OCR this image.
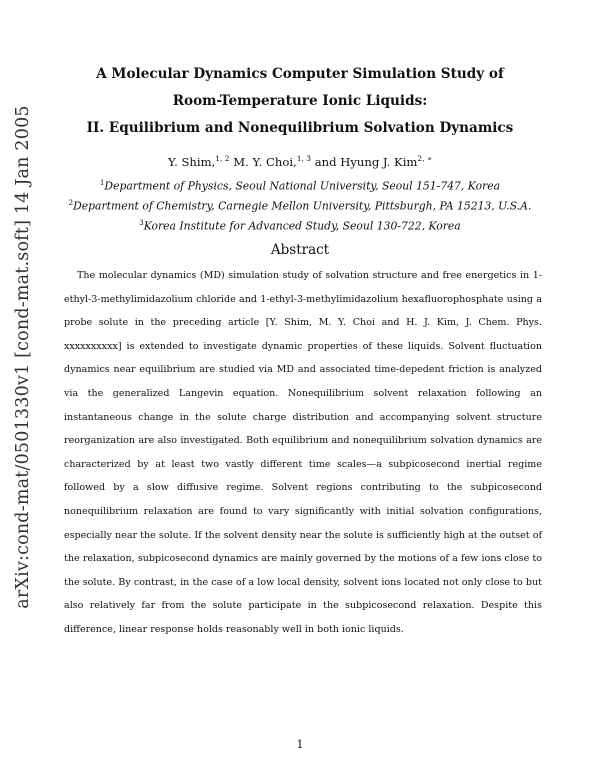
arXiv:cond-mat/0501330v1 [cond-mat.soft] 14 Jan 2005
A Molecular Dynamics Computer Simulation Study of
Room-Temperature Ionic Liquids:
II. Equilibrium and Nonequilibrium Solvation Dynamics
Y. Shim,$^{1, 2}$ M. Y. Choi,$^{1, 3}$ and Hyung J. Kim$^{2, ∗}$
$^1$Department of Physics, Seoul National University, Seoul 151-747, Korea
$^2$Department of Chemistry, Carnegie Mellon University, Pittsburgh, PA 15213, U.S.A.
$^3$Korea Institute for Advanced Study, Seoul 130-722, Korea
Abstract

The molecular dynamics (MD) simulation study of solvation structure and free energetics in 1-ethyl-3-methylimidazolium chloride and 1-ethyl-3-methylimidazolium hexafluorophosphate using a probe solute in the preceding article [Y. Shim, M. Y. Choi and H. J. Kim, J. Chem. Phys. xxxxxxxxxx] is extended to investigate dynamic properties of these liquids. Solvent fluctuation dynamics near equilibrium are studied via MD and associated time-depedent friction is analyzed via the generalized Langevin equation. Nonequilibrium solvent relaxation following an instantaneous change in the solute charge distribution and accompanying solvent structure reorganization are also investigated. Both equilibrium and nonequilibrium solvation dynamics are characterized by at least two vastly different time scales—a subpicosecond inertial regime followed by a slow diffusive regime. Solvent regions contributing to the subpicosecond nonequilibrium relaxation are found to vary significantly with initial solvation configurations, especially near the solute. If the solvent density near the solute is sufficiently high at the outset of the relaxation, subpicosecond dynamics are mainly governed by the motions of a few ions close to the solute. By contrast, in the case of a low local density, solvent ions located not only close to but also relatively far from the solute participate in the subpicosecond relaxation. Despite this difference, linear response holds reasonably well in both ionic liquids.

1
